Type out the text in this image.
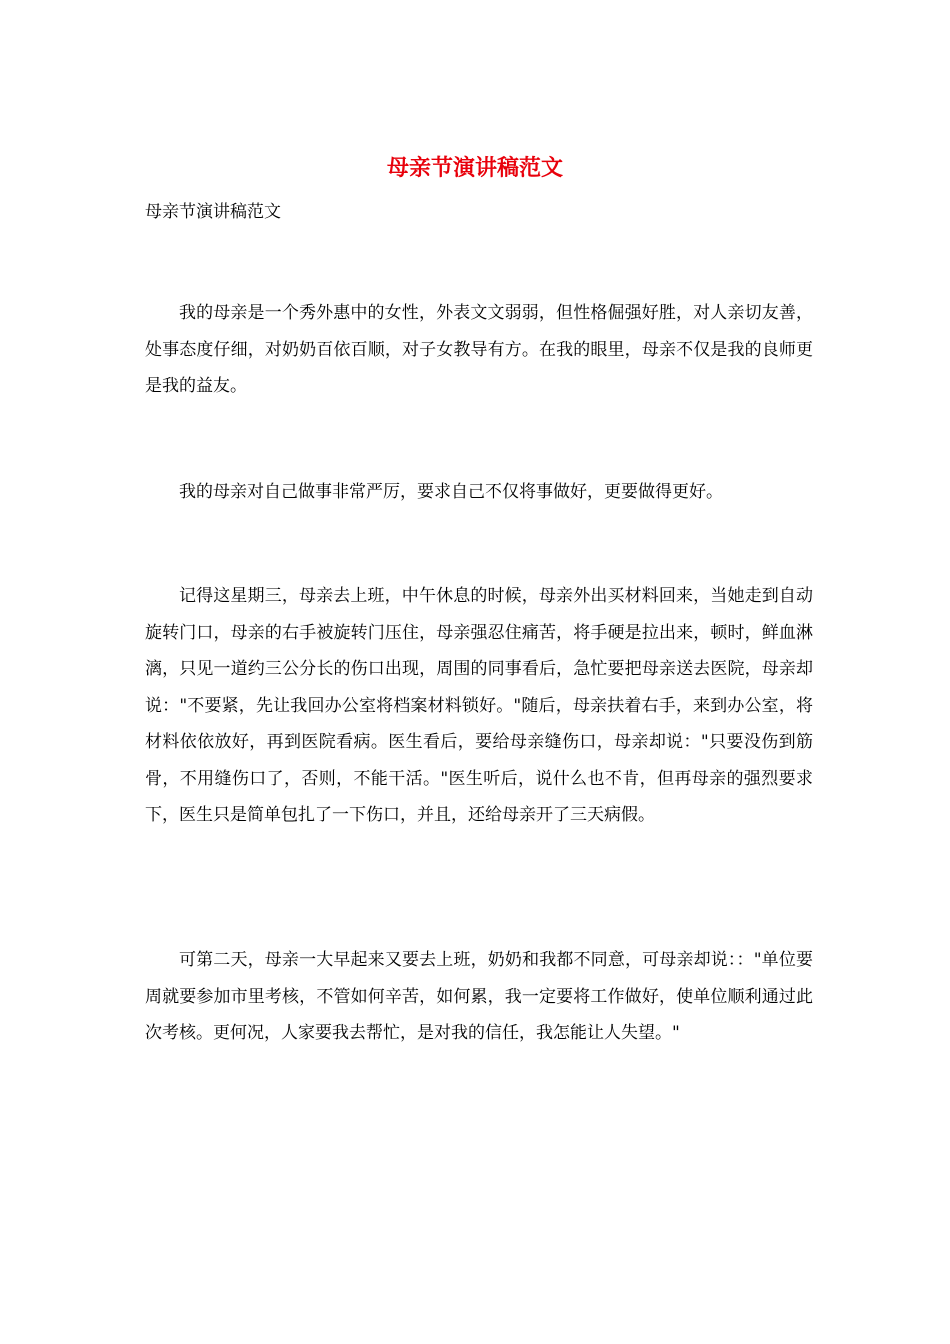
母亲节演讲稿范文
母亲节演讲稿范文
我的母亲是一个秀外惠中的女性，外表文文弱弱，但性格倔强好胜，对人亲切友善，处事态度仔细，对奶奶百依百顺，对子女教导有方。在我的眼里，母亲不仅是我的良师更是我的益友。
我的母亲对自己做事非常严厉，要求自己不仅将事做好，更要做得更好。
记得这星期三，母亲去上班，中午休息的时候，母亲外出买材料回来，当她走到自动旋转门口，母亲的右手被旋转门压住，母亲强忍住痛苦，将手硬是拉出来，顿时，鲜血淋漓，只见一道约三公分长的伤口出现，周围的同事看后，急忙要把母亲送去医院，母亲却说："不要紧，先让我回办公室将档案材料锁好。"随后，母亲扶着右手，来到办公室，将材料依依放好，再到医院看病。医生看后，要给母亲缝伤口，母亲却说："只要没伤到筋骨，不用缝伤口了，否则，不能干活。"医生听后，说什么也不肯，但再母亲的强烈要求下，医生只是简单包扎了一下伤口，并且，还给母亲开了三天病假。
可第二天，母亲一大早起来又要去上班，奶奶和我都不同意，可母亲却说：："单位要周就要参加市里考核，不管如何辛苦，如何累，我一定要将工作做好，使单位顺利通过此次考核。更何况，人家要我去帮忙，是对我的信任，我怎能让人失望。"
